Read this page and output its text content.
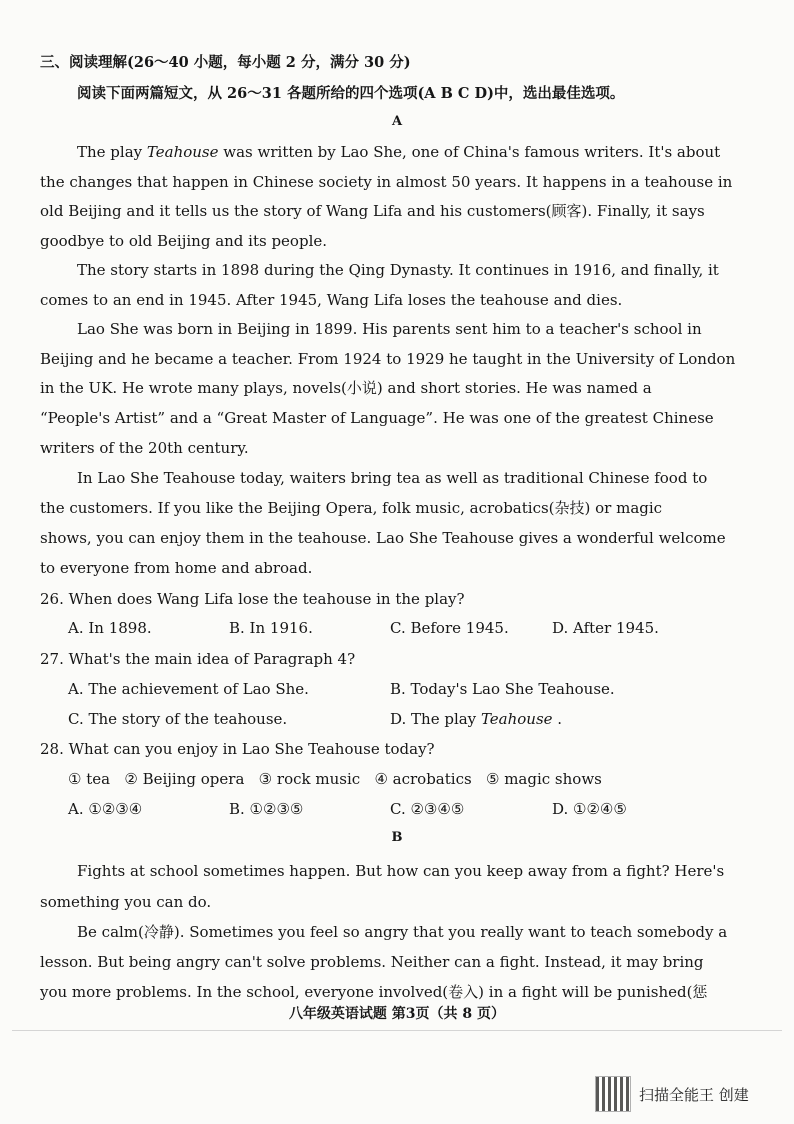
三、阅读理解(26～40 小题，每小题 2 分，满分 30 分)
阅读下面两篇短文，从 26～31 各题所给的四个选项(A B C D)中，选出最佳选项。
A
The play Teahouse was written by Lao She, one of China's famous writers. It's about
the changes that happen in Chinese society in almost 50 years. It happens in a teahouse in
old Beijing and it tells us the story of Wang Lifa and his customers(顾客). Finally, it says
goodbye to old Beijing and its people.
The story starts in 1898 during the Qing Dynasty. It continues in 1916, and finally, it
comes to an end in 1945. After 1945, Wang Lifa loses the teahouse and dies.
Lao She was born in Beijing in 1899. His parents sent him to a teacher's school in
Beijing and he became a teacher. From 1924 to 1929 he taught in the University of London
in the UK. He wrote many plays, novels(小说) and short stories. He was named a
“People's Artist” and a “Great Master of Language”. He was one of the greatest Chinese
writers of the 20th century.
In Lao She Teahouse today, waiters bring tea as well as traditional Chinese food to
the customers. If you like the Beijing Opera, folk music, acrobatics(杂技) or magic
shows, you can enjoy them in the teahouse. Lao She Teahouse gives a wonderful welcome
to everyone from home and abroad.
26. When does Wang Lifa lose the teahouse in the play?
A. In 1898.	B. In 1916.	C. Before 1945.	D. After 1945.
27. What's the main idea of Paragraph 4?
A. The achievement of Lao She.	B. Today's Lao She Teahouse.
C. The story of the teahouse.	D. The play Teahouse .
28. What can you enjoy in Lao She Teahouse today?
① tea   ② Beijing opera   ③ rock music   ④ acrobatics   ⑤ magic shows
A. ①②③④	B. ①②③⑤	C. ②③④⑤	D. ①②④⑤
B
Fights at school sometimes happen. But how can you keep away from a fight? Here's
something you can do.
Be calm(冷静). Sometimes you feel so angry that you really want to teach somebody a
lesson. But being angry can't solve problems. Neither can a fight. Instead, it may bring
you more problems. In the school, everyone involved(卷入) in a fight will be punished(惩
八年级英语试题 第3页（共 8 页）
扫描全能王 创建
